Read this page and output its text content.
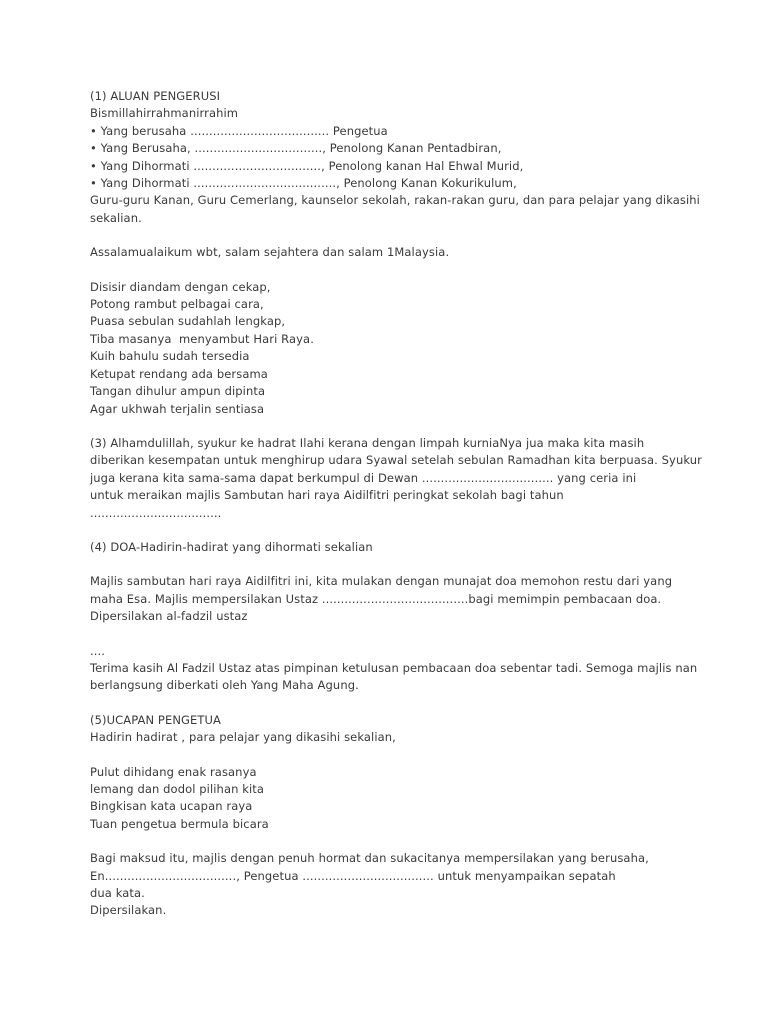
(1) ALUAN PENGERUSI
Bismillahirrahmanirrahim
• Yang berusaha ..................................... Pengetua
• Yang Berusaha, .................................., Penolong Kanan Pentadbiran,
• Yang Dihormati .................................., Penolong kanan Hal Ehwal Murid,
• Yang Dihormati ......................................, Penolong Kanan Kokurikulum,
Guru-guru Kanan, Guru Cemerlang, kaunselor sekolah, rakan-rakan guru, dan para pelajar yang dikasihi
sekalian.
Assalamualaikum wbt, salam sejahtera dan salam 1Malaysia.
Disisir diandam dengan cekap,
Potong rambut pelbagai cara,
Puasa sebulan sudahlah lengkap,
Tiba masanya  menyambut Hari Raya.
Kuih bahulu sudah tersedia
Ketupat rendang ada bersama
Tangan dihulur ampun dipinta
Agar ukhwah terjalin sentiasa
(3) Alhamdulillah, syukur ke hadrat Ilahi kerana dengan limpah kurniaNya jua maka kita masih
diberikan kesempatan untuk menghirup udara Syawal setelah sebulan Ramadhan kita berpuasa. Syukur
juga kerana kita sama-sama dapat berkumpul di Dewan ................................... yang ceria ini
untuk meraikan majlis Sambutan hari raya Aidilfitri peringkat sekolah bagi tahun
...................................
(4) DOA-Hadirin-hadirat yang dihormati sekalian
Majlis sambutan hari raya Aidilfitri ini, kita mulakan dengan munajat doa memohon restu dari yang
maha Esa. Majlis mempersilakan Ustaz .......................................bagi memimpin pembacaan doa.
Dipersilakan al-fadzil ustaz
....
Terima kasih Al Fadzil Ustaz atas pimpinan ketulusan pembacaan doa sebentar tadi. Semoga majlis nan
berlangsung diberkati oleh Yang Maha Agung.
(5)UCAPAN PENGETUA
Hadirin hadirat , para pelajar yang dikasihi sekalian,
Pulut dihidang enak rasanya
lemang dan dodol pilihan kita
Bingkisan kata ucapan raya
Tuan pengetua bermula bicara
Bagi maksud itu, majlis dengan penuh hormat dan sukacitanya mempersilakan yang berusaha,
En..................................., Pengetua ................................... untuk menyampaikan sepatah
dua kata.
Dipersilakan.
